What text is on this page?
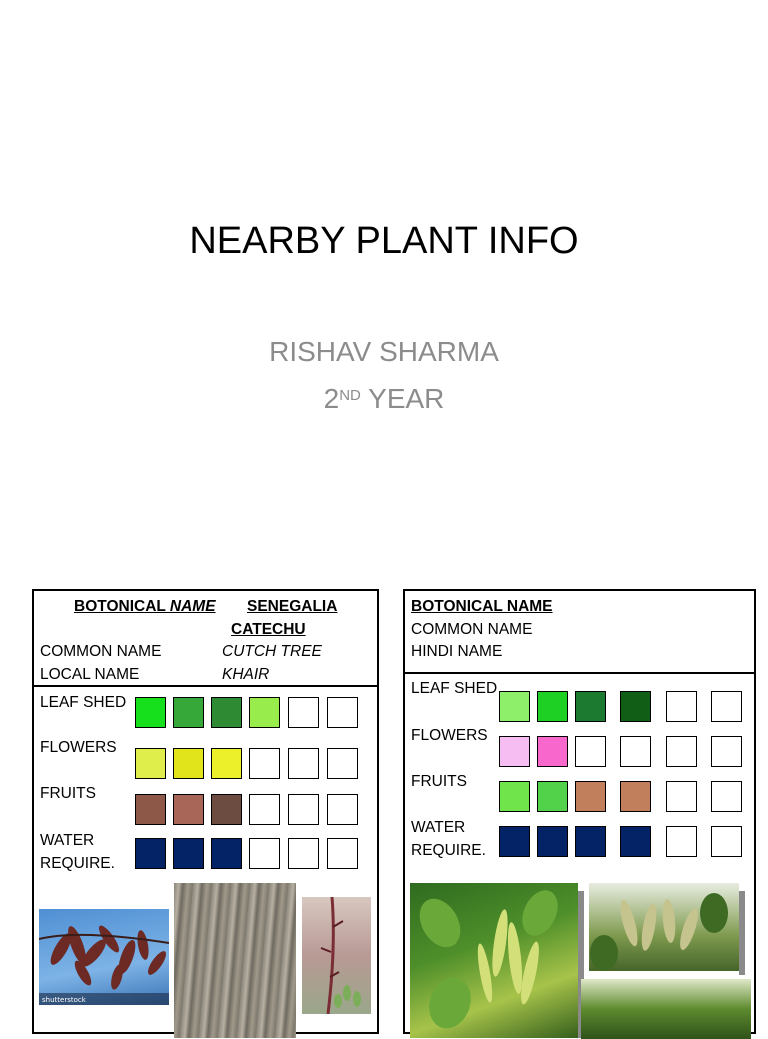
NEARBY PLANT INFO
RISHAV SHARMA
2ND YEAR
BOTONICAL NAME SENEGALIA
CATECHU
COMMON NAME	CUTCH TREE
LOCAL NAME	KHAIR
LEAF SHED
FLOWERS
FRUITS
WATER
REQUIRE.
shutterstock
BOTONICAL NAME
COMMON NAME
HINDI NAME
LEAF SHED
FLOWERS
FRUITS
WATER
REQUIRE.
